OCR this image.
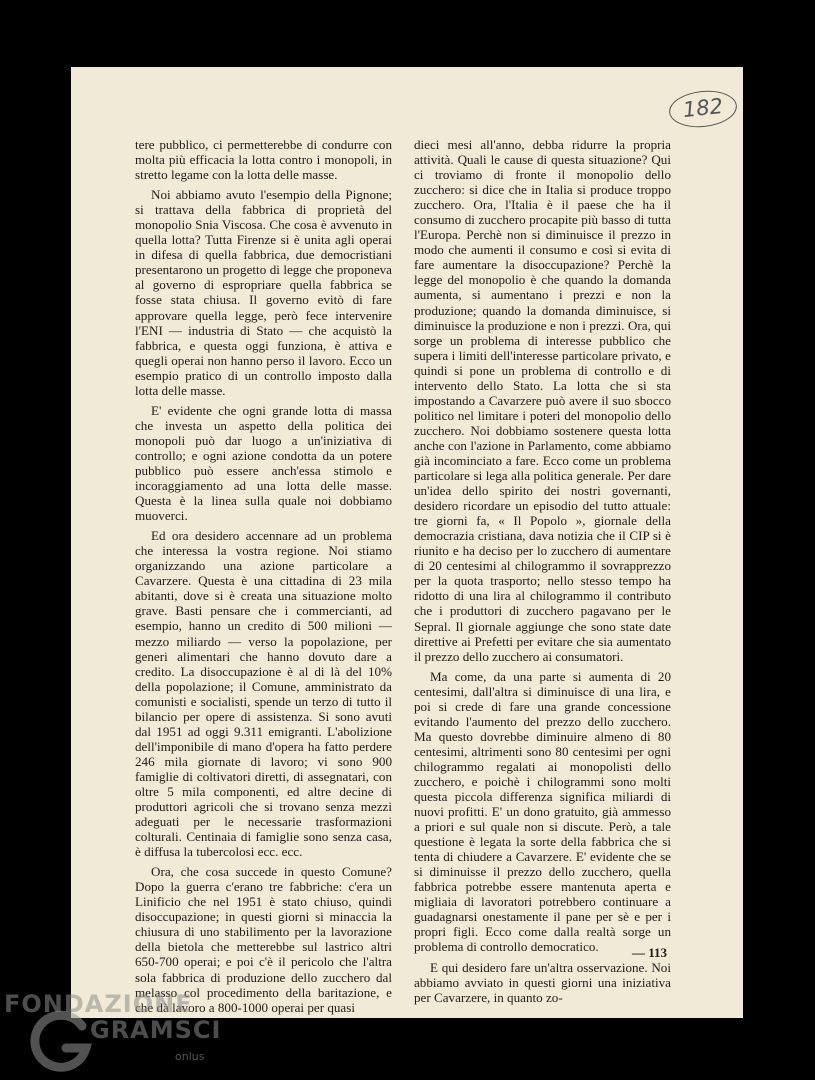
182

tere pubblico, ci permetterebbe di condurre con molta più efficacia la lotta contro i monopoli, in stretto legame con la lotta delle masse.

Noi abbiamo avuto l'esempio della Pignone; si trattava della fabbrica di proprietà del monopolio Snia Viscosa. Che cosa è avvenuto in quella lotta? Tutta Firenze si è unita agli operai in difesa di quella fabbrica, due democristiani presentarono un progetto di legge che proponeva al governo di espropriare quella fabbrica se fosse stata chiusa. Il governo evitò di fare approvare quella legge, però fece intervenire l'ENI — industria di Stato — che acquistò la fabbrica, e questa oggi funziona, è attiva e quegli operai non hanno perso il lavoro. Ecco un esempio pratico di un controllo imposto dalla lotta delle masse.

E' evidente che ogni grande lotta di massa che investa un aspetto della politica dei monopoli può dar luogo a un'iniziativa di controllo; e ogni azione condotta da un potere pubblico può essere anch'essa stimolo e incoraggiamento ad una lotta delle masse. Questa è la linea sulla quale noi dobbiamo muoverci.

Ed ora desidero accennare ad un problema che interessa la vostra regione. Noi stiamo organizzando una azione particolare a Cavarzere. Questa è una cittadina di 23 mila abitanti, dove si è creata una situazione molto grave. Basti pensare che i commercianti, ad esempio, hanno un credito di 500 milioni — mezzo miliardo — verso la popolazione, per generi alimentari che hanno dovuto dare a credito. La disoccupazione è al di là del 10% della popolazione; il Comune, amministrato da comunisti e socialisti, spende un terzo di tutto il bilancio per opere di assistenza. Si sono avuti dal 1951 ad oggi 9.311 emigranti. L'abolizione dell'imponibile di mano d'opera ha fatto perdere 246 mila giornate di lavoro; vi sono 900 famiglie di coltivatori diretti, di assegnatari, con oltre 5 mila componenti, ed altre decine di produttori agricoli che si trovano senza mezzi adeguati per le necessarie trasformazioni colturali. Centinaia di famiglie sono senza casa, è diffusa la tubercolosi ecc. ecc.

Ora, che cosa succede in questo Comune? Dopo la guerra c'erano tre fabbriche: c'era un Linificio che nel 1951 è stato chiuso, quindi disoccupazione; in questi giorni si minaccia la chiusura di uno stabilimento per la lavorazione della bietola che metterebbe sul lastrico altri 650-700 operai; e poi c'è il pericolo che l'altra sola fabbrica di produzione dello zucchero dal melasso col procedimento della baritazione, e che dà lavoro a 800-1000 operai per quasi

dieci mesi all'anno, debba ridurre la propria attività. Quali le cause di questa situazione? Qui ci troviamo di fronte il monopolio dello zucchero: si dice che in Italia si produce troppo zucchero. Ora, l'Italia è il paese che ha il consumo di zucchero procapite più basso di tutta l'Europa. Perchè non si diminuisce il prezzo in modo che aumenti il consumo e così si evita di fare aumentare la disoccupazione? Perchè la legge del monopolio è che quando la domanda aumenta, si aumentano i prezzi e non la produzione; quando la domanda diminuisce, si diminuisce la produzione e non i prezzi. Ora, qui sorge un problema di interesse pubblico che supera i limiti dell'interesse particolare privato, e quindi si pone un problema di controllo e di intervento dello Stato. La lotta che si sta impostando a Cavarzere può avere il suo sbocco politico nel limitare i poteri del monopolio dello zucchero. Noi dobbiamo sostenere questa lotta anche con l'azione in Parlamento, come abbiamo già incominciato a fare. Ecco come un problema particolare si lega alla politica generale. Per dare un'idea dello spirito dei nostri governanti, desidero ricordare un episodio del tutto attuale: tre giorni fa, « Il Popolo », giornale della democrazia cristiana, dava notizia che il CIP si è riunito e ha deciso per lo zucchero di aumentare di 20 centesimi al chilogrammo il sovrapprezzo per la quota trasporto; nello stesso tempo ha ridotto di una lira al chilogrammo il contributo che i produttori di zucchero pagavano per le Sepral. Il giornale aggiunge che sono state date direttive ai Prefetti per evitare che sia aumentato il prezzo dello zucchero ai consumatori.

Ma come, da una parte si aumenta di 20 centesimi, dall'altra si diminuisce di una lira, e poi si crede di fare una grande concessione evitando l'aumento del prezzo dello zucchero. Ma questo dovrebbe diminuire almeno di 80 centesimi, altrimenti sono 80 centesimi per ogni chilogrammo regalati ai monopolisti dello zucchero, e poichè i chilogrammi sono molti questa piccola differenza significa miliardi di nuovi profitti. E' un dono gratuito, già ammesso a priori e sul quale non si discute. Però, a tale questione è legata la sorte della fabbrica che si tenta di chiudere a Cavarzere. E' evidente che se si diminuisse il prezzo dello zucchero, quella fabbrica potrebbe essere mantenuta aperta e migliaia di lavoratori potrebbero continuare a guadagnarsi onestamente il pane per sè e per i propri figli. Ecco come dalla realtà sorge un problema di controllo democratico.

E qui desidero fare un'altra osservazione. Noi abbiamo avviato in questi giorni una iniziativa per Cavarzere, in quanto zo-

— 113
FONDAZIONE
GRAMSCI
onlus
